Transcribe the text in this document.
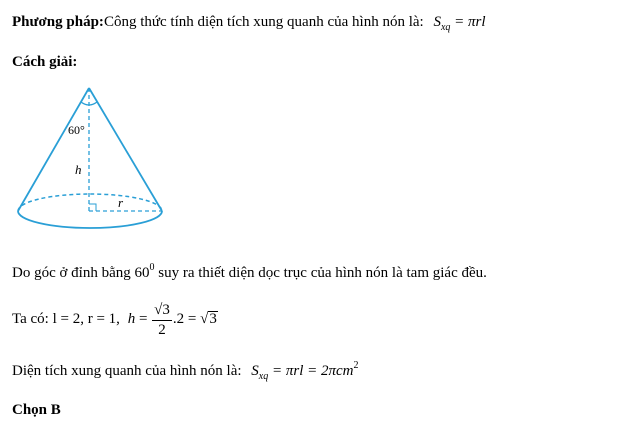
Phương pháp:Công thức tính diện tích xung quanh của hình nón là: $S_{xq} = \pi rl$
Cách giải:
60°
h
r
Do góc ở đỉnh bằng $60^0$ suy ra thiết diện dọc trục của hình nón là tam giác đều.
Ta có: l = 2, r = 1, $h = \frac{√3}{2} .2 = √3$
Diện tích xung quanh của hình nón là: $S_{xq} = \pi rl = 2\pi cm^2$
Chọn B
